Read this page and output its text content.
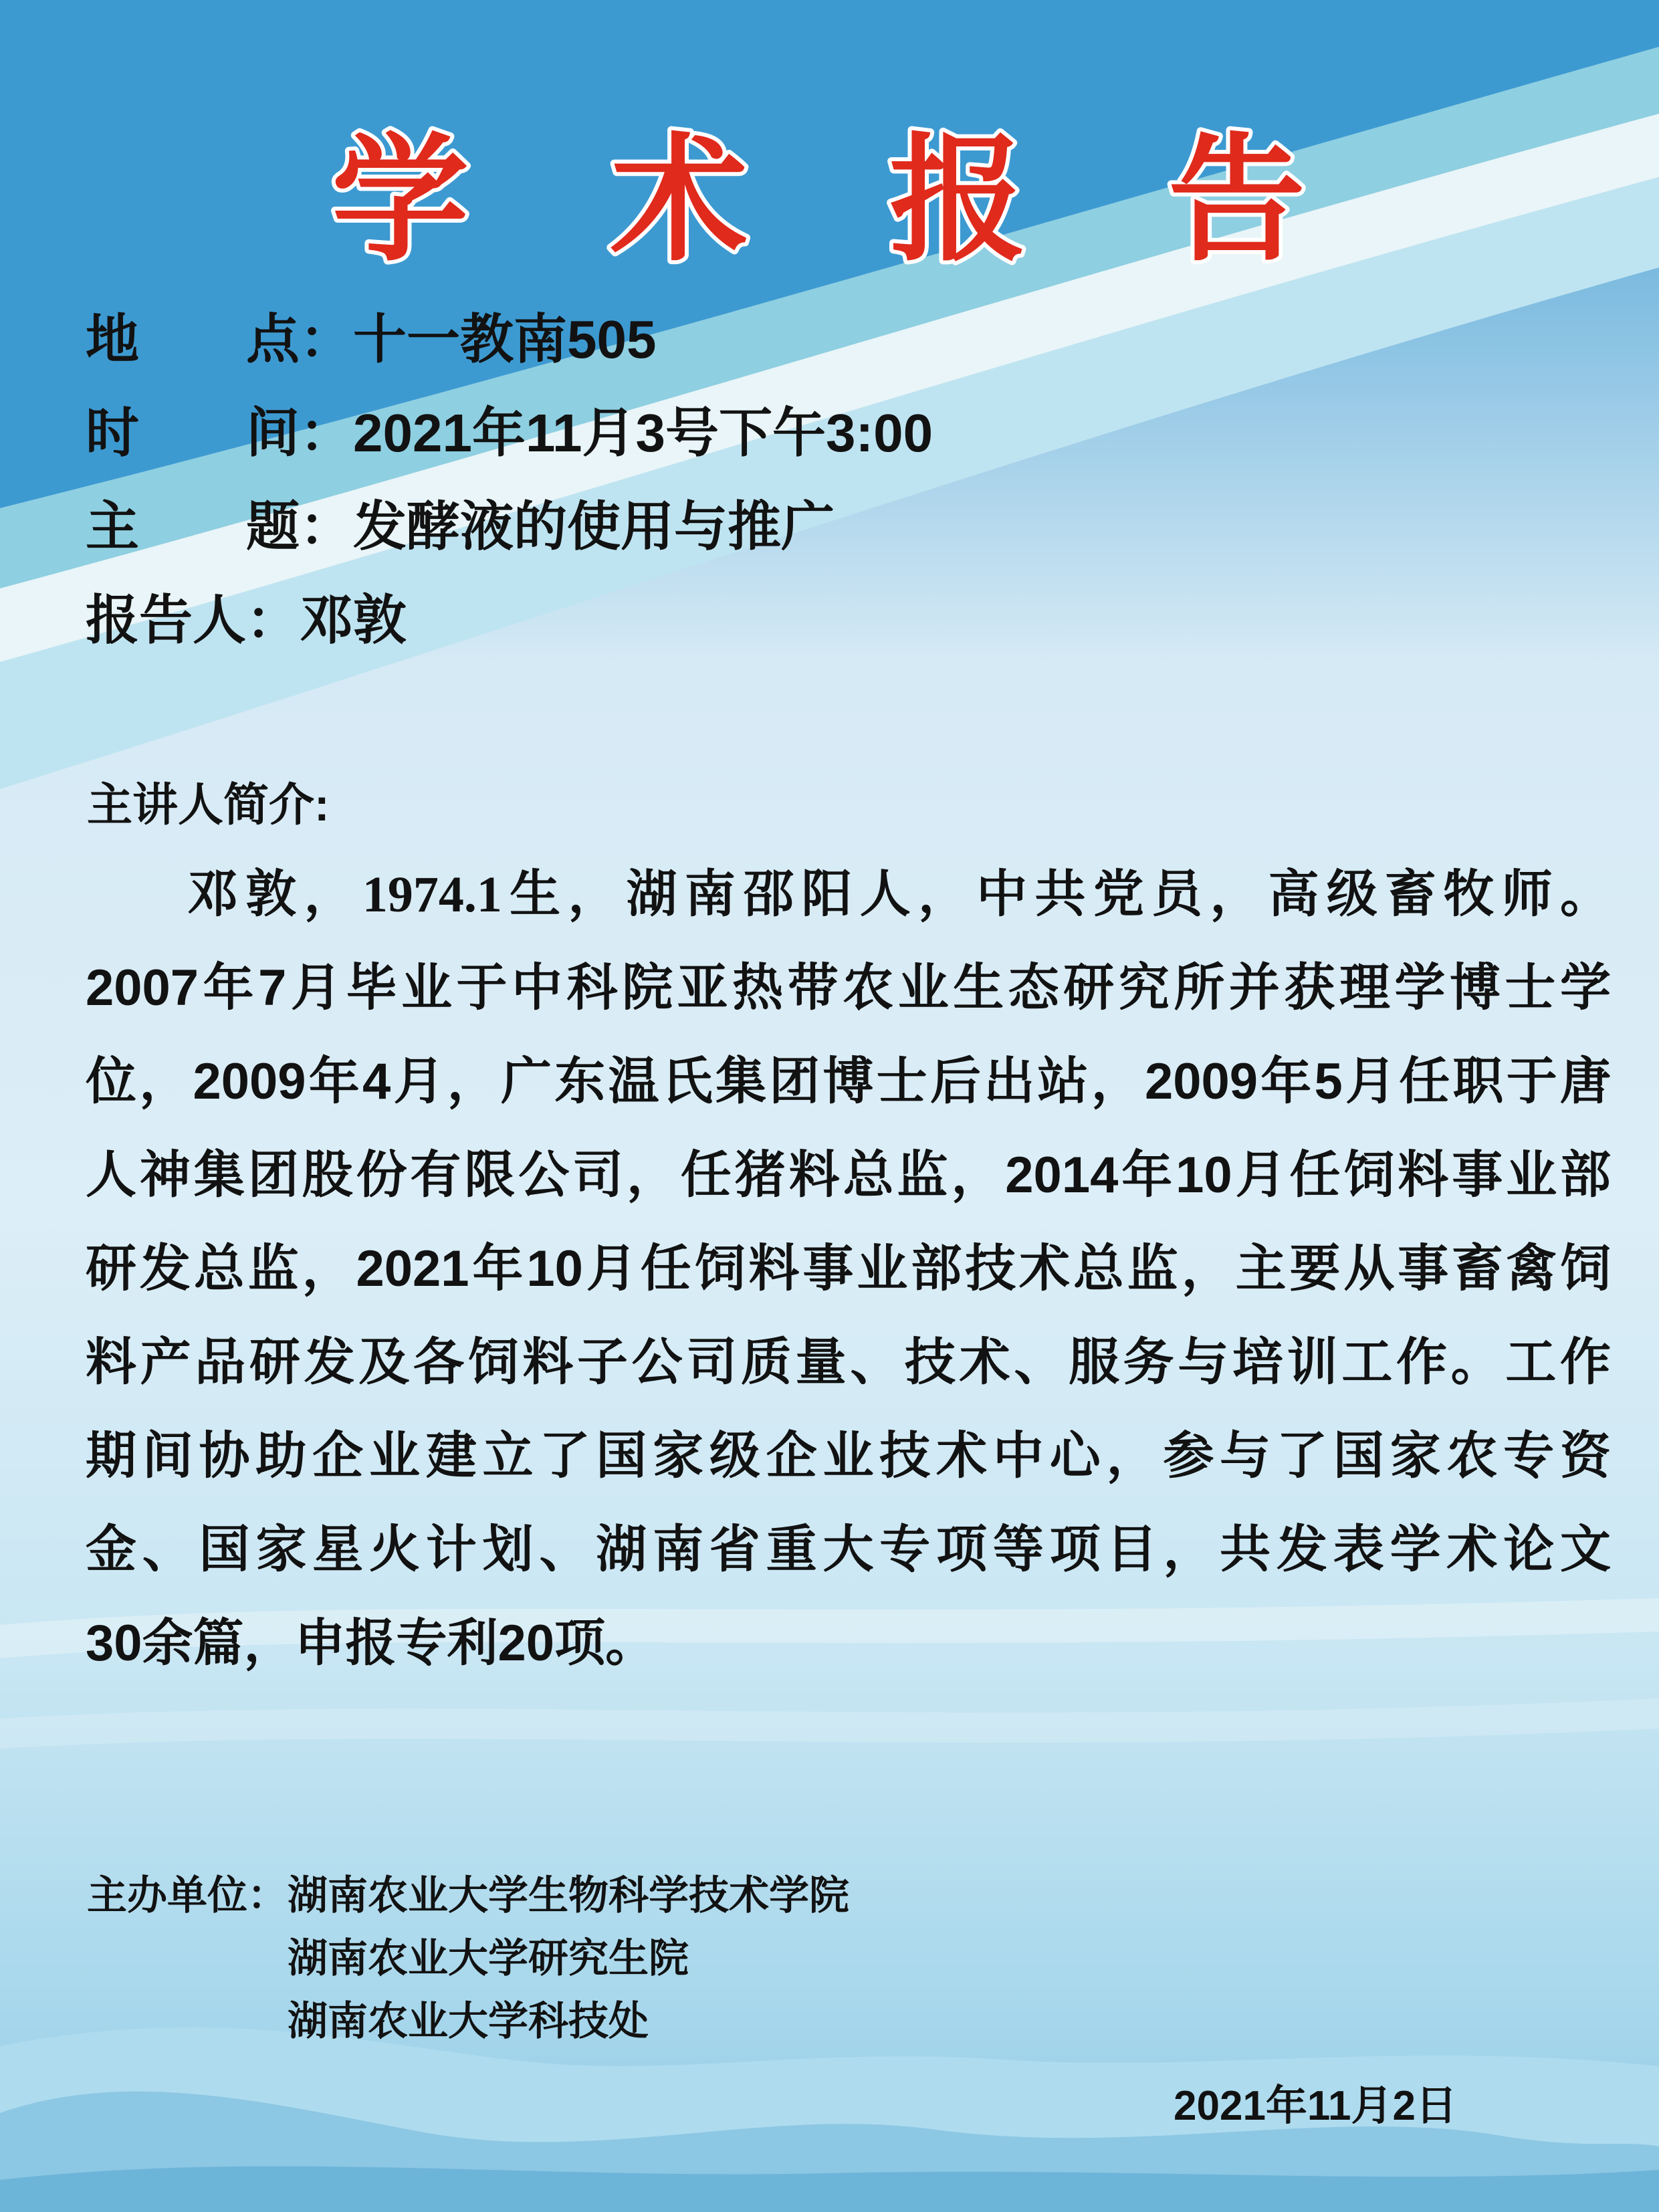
学术报告
地　　点：十一教南505
时　　间：2021年11月3号下午3:00
主　　题：发酵液的使用与推广
报告人：邓敦
主讲人简介:
邓敦，1974.1生，湖南邵阳人，中共党员，高级畜牧师。
2007年7月毕业于中科院亚热带农业生态研究所并获理学博士学
位，2009年4月，广东温氏集团博士后出站，2009年5月任职于唐
人神集团股份有限公司，任猪料总监，2014年10月任饲料事业部
研发总监，2021年10月任饲料事业部技术总监，主要从事畜禽饲
料产品研发及各饲料子公司质量、技术、服务与培训工作。工作
期间协助企业建立了国家级企业技术中心，参与了国家农专资
金、国家星火计划、湖南省重大专项等项目，共发表学术论文
30余篇，申报专利20项。
主办单位：湖南农业大学生物科学技术学院
湖南农业大学研究生院
湖南农业大学科技处
2021年11月2日
